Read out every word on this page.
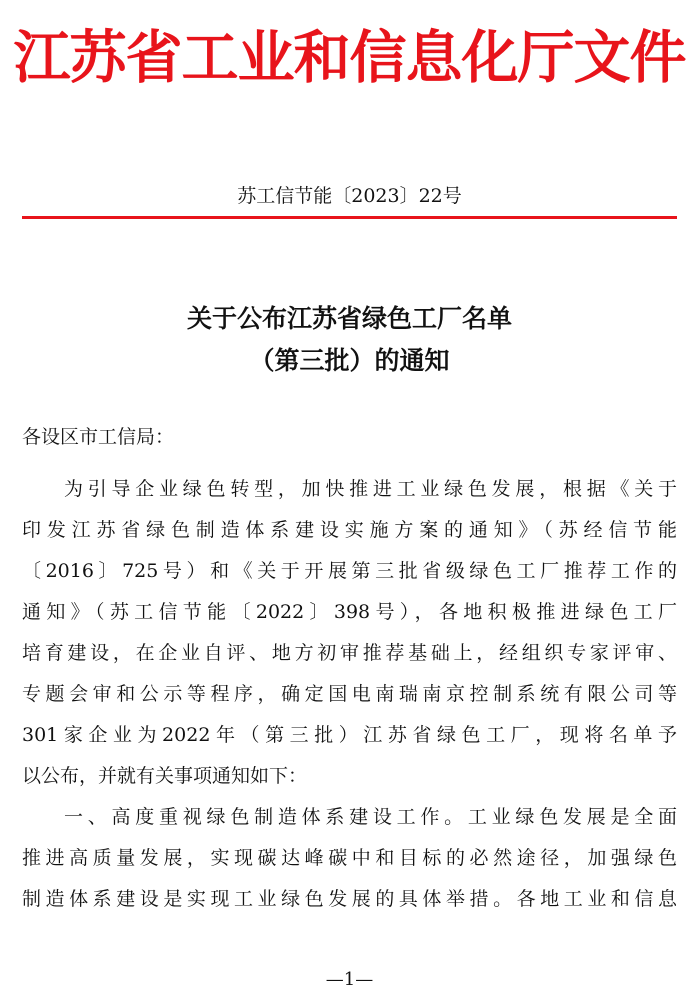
江苏省工业和信息化厅文件
苏工信节能〔2023〕22号
关于公布江苏省绿色工厂名单
（第三批）的通知
各设区市工信局：
为引导企业绿色转型，加快推进工业绿色发展，根据《关于
印发江苏省绿色制造体系建设实施方案的通知》（苏经信节能
〔2016〕725号）和《关于开展第三批省级绿色工厂推荐工作的
通知》（苏工信节能〔2022〕398号），各地积极推进绿色工厂
培育建设，在企业自评、地方初审推荐基础上，经组织专家评审、
专题会审和公示等程序，确定国电南瑞南京控制系统有限公司等
301家企业为2022年（第三批）江苏省绿色工厂，现将名单予
以公布，并就有关事项通知如下：
一、高度重视绿色制造体系建设工作。工业绿色发展是全面
推进高质量发展，实现碳达峰碳中和目标的必然途径，加强绿色
制造体系建设是实现工业绿色发展的具体举措。各地工业和信息
—1—
